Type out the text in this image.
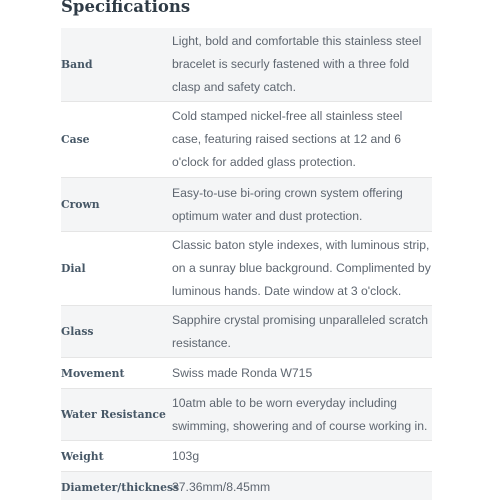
Specifications
Band
Light, bold and comfortable this stainless steel bracelet is securly fastened with a three fold clasp and safety catch.
Case
Cold stamped nickel-free all stainless steel case, featuring raised sections at 12 and 6 o'clock for added glass protection.
Crown
Easy-to-use bi-oring crown system offering optimum water and dust protection.
Dial
Classic baton style indexes, with luminous strip, on a sunray blue background. Complimented by luminous hands. Date window at 3 o'clock.
Glass
Sapphire crystal promising unparalleled scratch resistance.
Movement	Swiss made Ronda W715
Water Resistance
10atm able to be worn everyday including swimming, showering and of course working in.
Weight	103g
Diameter/thickness
37.36mm/8.45mm
